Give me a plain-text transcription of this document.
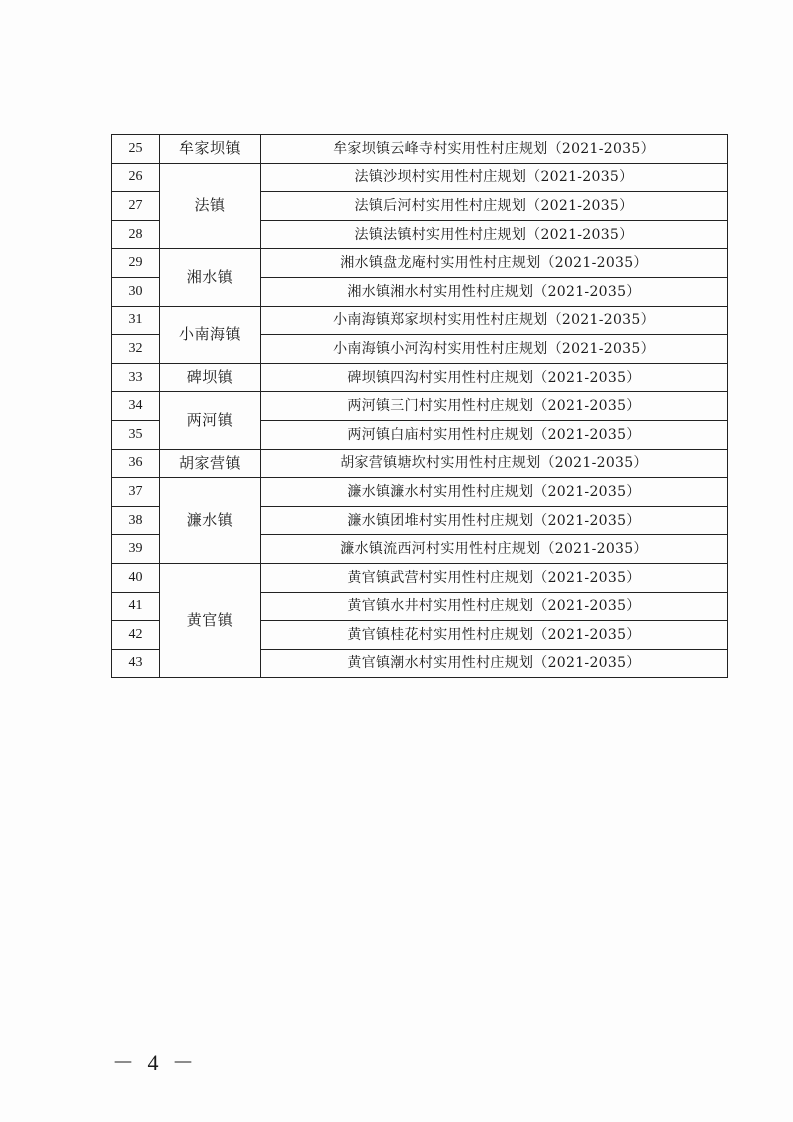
25	牟家坝镇	牟家坝镇云峰寺村实用性村庄规划（2021-2035）
26	法镇	法镇沙坝村实用性村庄规划（2021-2035）
27		法镇后河村实用性村庄规划（2021-2035）
28		法镇法镇村实用性村庄规划（2021-2035）
29	湘水镇	湘水镇盘龙庵村实用性村庄规划（2021-2035）
30		湘水镇湘水村实用性村庄规划（2021-2035）
31	小南海镇	小南海镇郑家坝村实用性村庄规划（2021-2035）
32		小南海镇小河沟村实用性村庄规划（2021-2035）
33	碑坝镇	碑坝镇四沟村实用性村庄规划（2021-2035）
34	两河镇	两河镇三门村实用性村庄规划（2021-2035）
35		两河镇白庙村实用性村庄规划（2021-2035）
36	胡家营镇	胡家营镇塘坎村实用性村庄规划（2021-2035）
37	濂水镇	濂水镇濂水村实用性村庄规划（2021-2035）
38		濂水镇团堆村实用性村庄规划（2021-2035）
39		濂水镇流西河村实用性村庄规划（2021-2035）
40	黄官镇	黄官镇武营村实用性村庄规划（2021-2035）
41		黄官镇水井村实用性村庄规划（2021-2035）
42		黄官镇桂花村实用性村庄规划（2021-2035）
43		黄官镇潮水村实用性村庄规划（2021-2035）
－ 4 －
